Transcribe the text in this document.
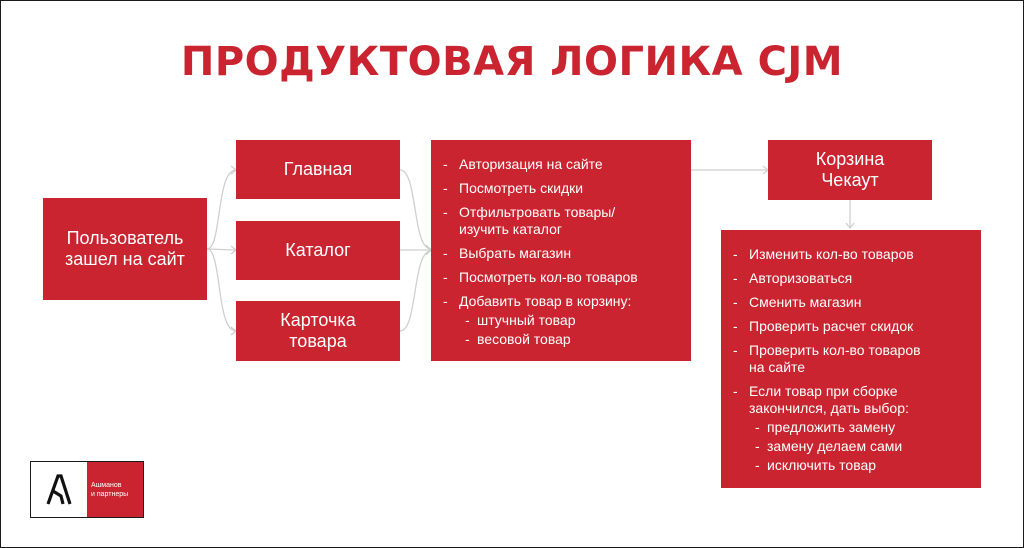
ПРОДУКТОВАЯ ЛОГИКА CJM
Пользователь
зашел на сайт
Главная
Каталог
Карточка
товара
- Авторизация на сайте
- Посмотреть скидки
- Отфильтровать товары/
изучить каталог
- Выбрать магазин
- Посмотреть кол-во товаров
- Добавить товар в корзину:
- штучный товар
- весовой товар
Корзина
Чекаут
- Изменить кол-во товаров
- Авторизоваться
- Сменить магазин
- Проверить расчет скидок
- Проверить кол-во товаров
на сайте
- Если товар при сборке
закончился, дать выбор:
- предложить замену
- замену делаем сами
- исключить товар
Ашманов
и партнеры
